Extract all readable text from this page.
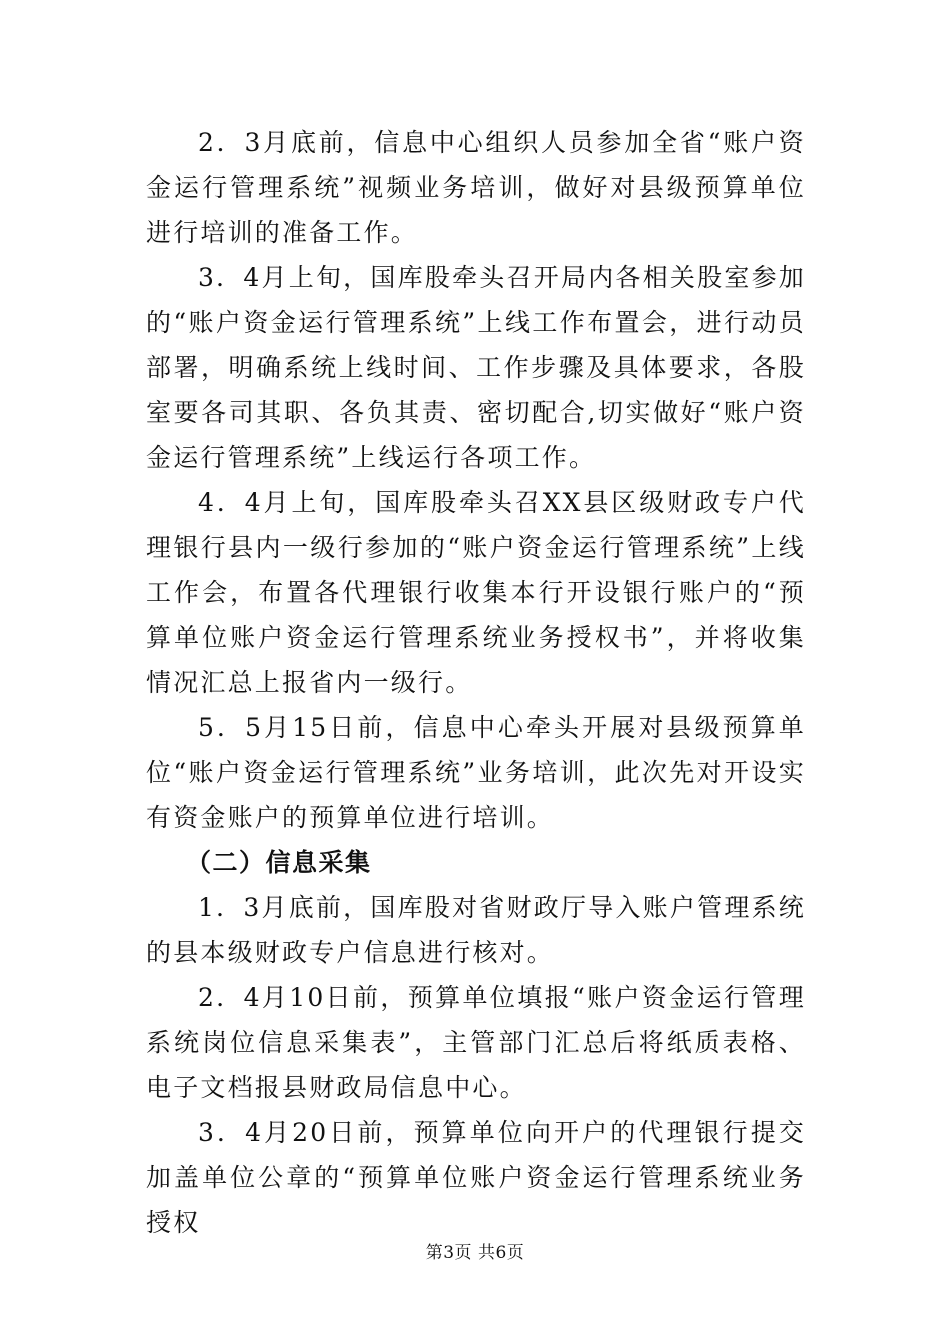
2．3月底前，信息中心组织人员参加全省“账户资金运行管理系统”视频业务培训，做好对县级预算单位进行培训的准备工作。

3．4月上旬，国库股牵头召开局内各相关股室参加的“账户资金运行管理系统”上线工作布置会，进行动员部署，明确系统上线时间、工作步骤及具体要求，各股室要各司其职、各负其责、密切配合,切实做好“账户资金运行管理系统”上线运行各项工作。

4．4月上旬，国库股牵头召XX县区级财政专户代理银行县内一级行参加的“账户资金运行管理系统”上线工作会，布置各代理银行收集本行开设银行账户的“预算单位账户资金运行管理系统业务授权书”，并将收集情况汇总上报省内一级行。

5．5月15日前，信息中心牵头开展对县级预算单位“账户资金运行管理系统”业务培训，此次先对开设实有资金账户的预算单位进行培训。

（二）信息采集

1．3月底前，国库股对省财政厅导入账户管理系统的县本级财政专户信息进行核对。

2．4月10日前，预算单位填报“账户资金运行管理系统岗位信息采集表”，主管部门汇总后将纸质表格、电子文档报县财政局信息中心。

3．4月20日前，预算单位向开户的代理银行提交加盖单位公章的“预算单位账户资金运行管理系统业务授权

第3页 共6页
